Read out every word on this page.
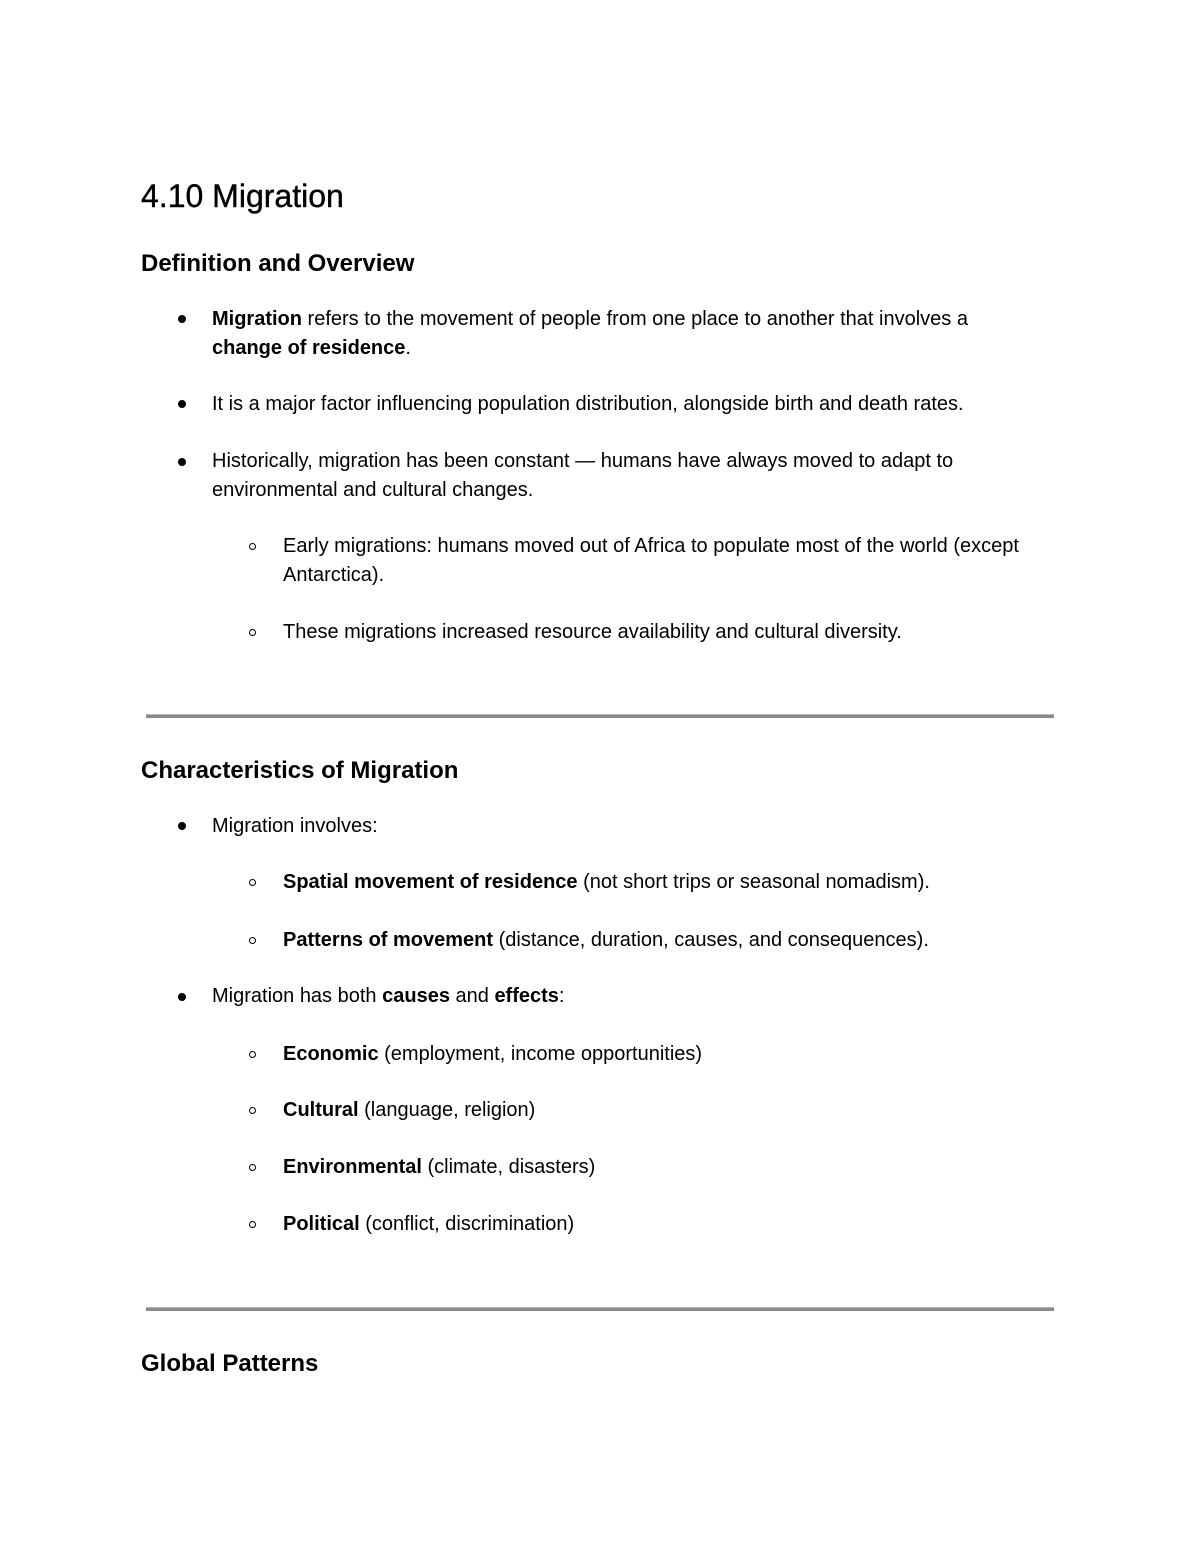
4.10 Migration
Definition and Overview
Migration refers to the movement of people from one place to another that involves a change of residence.
It is a major factor influencing population distribution, alongside birth and death rates.
Historically, migration has been constant — humans have always moved to adapt to environmental and cultural changes.
Early migrations: humans moved out of Africa to populate most of the world (except Antarctica).
These migrations increased resource availability and cultural diversity.
Characteristics of Migration
Migration involves:
Spatial movement of residence (not short trips or seasonal nomadism).
Patterns of movement (distance, duration, causes, and consequences).
Migration has both causes and effects:
Economic (employment, income opportunities)
Cultural (language, religion)
Environmental (climate, disasters)
Political (conflict, discrimination)
Global Patterns
